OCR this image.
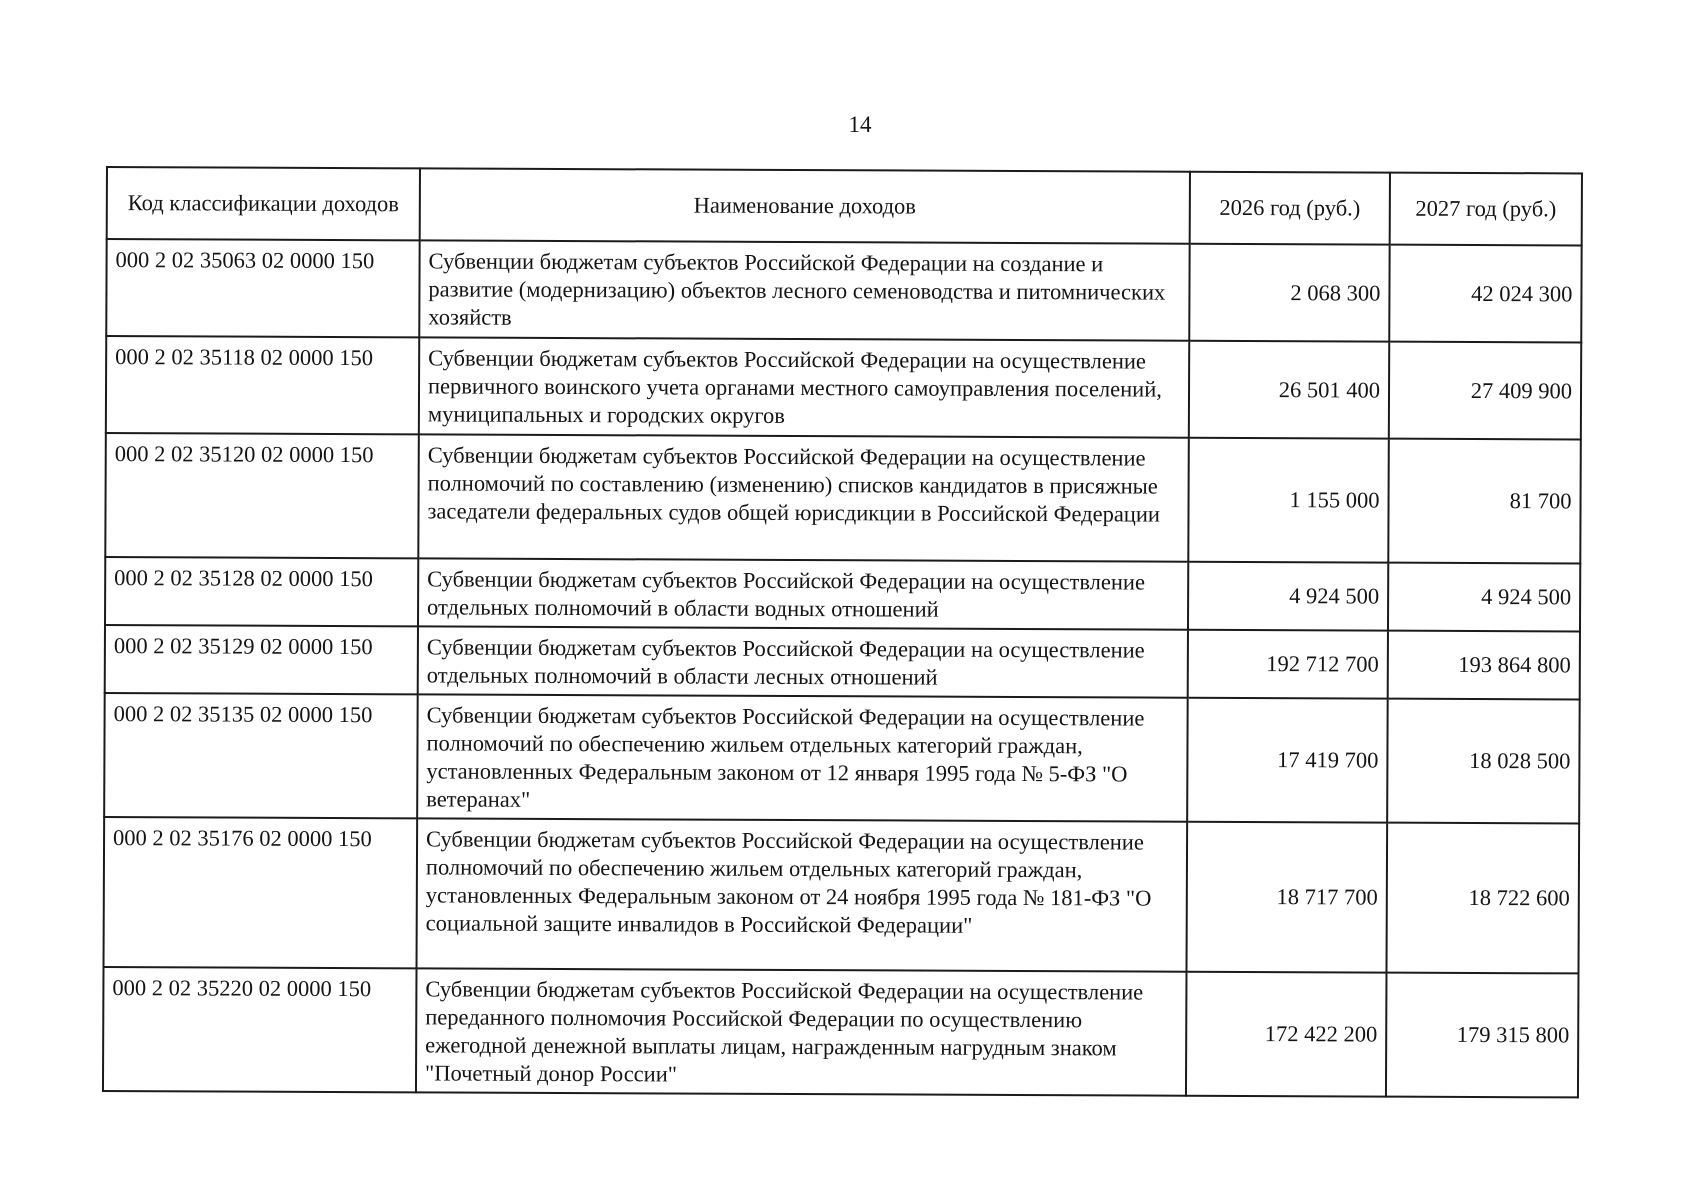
14
Код классификации доходов	Наименование доходов	2026 год (руб.)	2027 год (руб.)
000 2 02 35063 02 0000 150	Субвенции бюджетам субъектов Российской Федерации на создание и развитие (модернизацию) объектов лесного семеноводства и питомнических хозяйств	2 068 300	42 024 300
000 2 02 35118 02 0000 150	Субвенции бюджетам субъектов Российской Федерации на осуществление первичного воинского учета органами местного самоуправления поселений, муниципальных и городских округов	26 501 400	27 409 900
000 2 02 35120 02 0000 150	Субвенции бюджетам субъектов Российской Федерации на осуществление полномочий по составлению (изменению) списков кандидатов в присяжные заседатели федеральных судов общей юрисдикции в Российской Федерации	1 155 000	81 700
000 2 02 35128 02 0000 150	Субвенции бюджетам субъектов Российской Федерации на осуществление отдельных полномочий в области водных отношений	4 924 500	4 924 500
000 2 02 35129 02 0000 150	Субвенции бюджетам субъектов Российской Федерации на осуществление отдельных полномочий в области лесных отношений	192 712 700	193 864 800
000 2 02 35135 02 0000 150	Субвенции бюджетам субъектов Российской Федерации на осуществление полномочий по обеспечению жильем отдельных категорий граждан, установленных Федеральным законом от 12 января 1995 года № 5-ФЗ "О ветеранах"	17 419 700	18 028 500
000 2 02 35176 02 0000 150	Субвенции бюджетам субъектов Российской Федерации на осуществление полномочий по обеспечению жильем отдельных категорий граждан, установленных Федеральным законом от 24 ноября 1995 года № 181-ФЗ "О социальной защите инвалидов в Российской Федерации"	18 717 700	18 722 600
000 2 02 35220 02 0000 150	Субвенции бюджетам субъектов Российской Федерации на осуществление переданного полномочия Российской Федерации по осуществлению ежегодной денежной выплаты лицам, награжденным нагрудным знаком "Почетный донор России"	172 422 200	179 315 800
